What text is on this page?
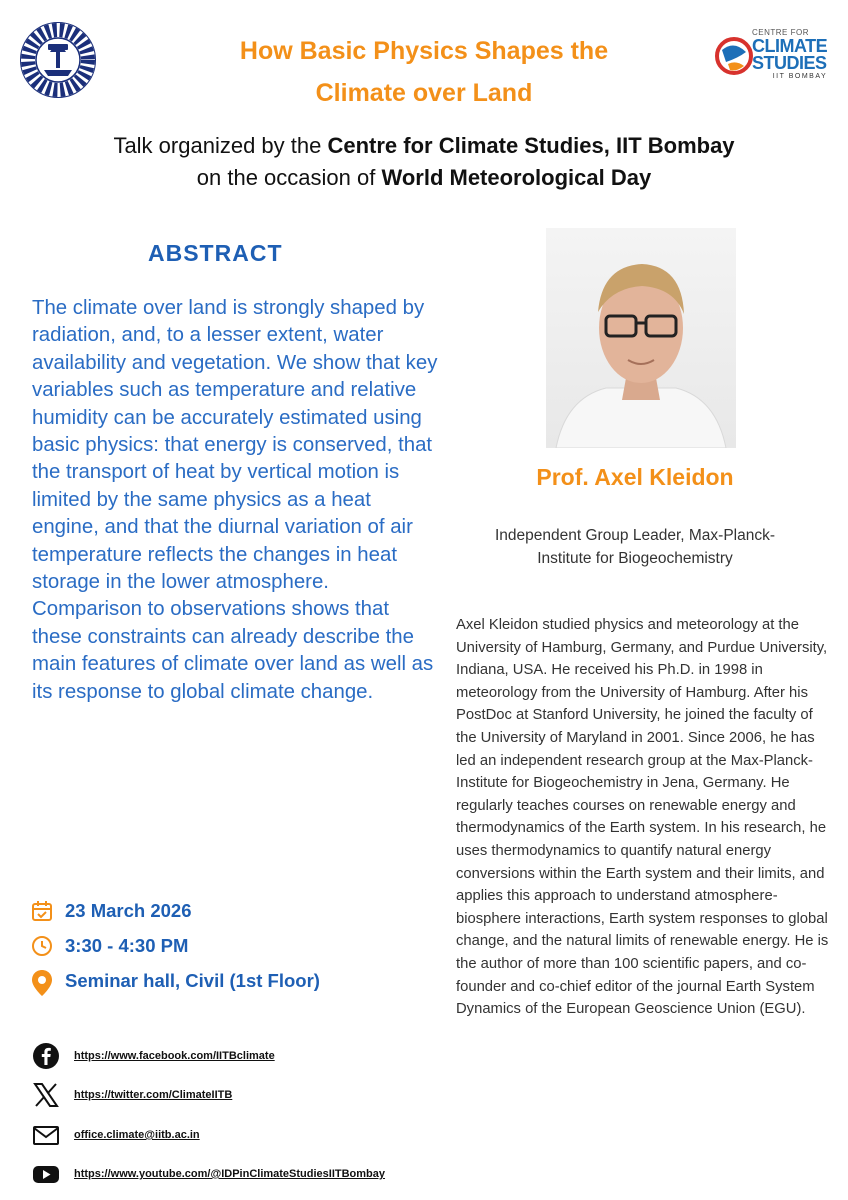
How Basic Physics Shapes the
Climate over Land
CENTRE FOR
CLIMATE
STUDIES
IIT BOMBAY
Talk organized by the Centre for Climate Studies, IIT Bombay
on the occasion of World Meteorological Day
ABSTRACT
The climate over land is strongly shaped by radiation, and, to a lesser extent, water availability and vegetation. We show that key variables such as temperature and relative humidity can be accurately estimated using basic physics: that energy is conserved, that the transport of heat by vertical motion is limited by the same physics as a heat engine, and that the diurnal variation of air temperature reflects the changes in heat storage in the lower atmosphere. Comparison to observations shows that these constraints can already describe the main features of climate over land as well as its response to global climate change.
Prof. Axel Kleidon
Independent Group Leader, Max-Planck-Institute for Biogeochemistry
Axel Kleidon studied physics and meteorology at the University of Hamburg, Germany, and Purdue University, Indiana, USA. He received his Ph.D. in 1998 in meteorology from the University of Hamburg. After his PostDoc at Stanford University, he joined the faculty of the University of Maryland in 2001. Since 2006, he has led an independent research group at the Max-Planck-Institute for Biogeochemistry in Jena, Germany. He regularly teaches courses on renewable energy and thermodynamics of the Earth system. In his research, he uses thermodynamics to quantify natural energy conversions within the Earth system and their limits, and applies this approach to understand atmosphere-biosphere interactions, Earth system responses to global change, and the natural limits of renewable energy. He is the author of more than 100 scientific papers, and co-founder and co-chief editor of the journal Earth System Dynamics of the European Geoscience Union (EGU).
23 March 2026
3:30 - 4:30 PM
Seminar hall, Civil (1st Floor)
https://www.facebook.com/IITBclimate
https://twitter.com/ClimateIITB
office.climate@iitb.ac.in
https://www.youtube.com/@IDPinClimateStudiesIITBombay
